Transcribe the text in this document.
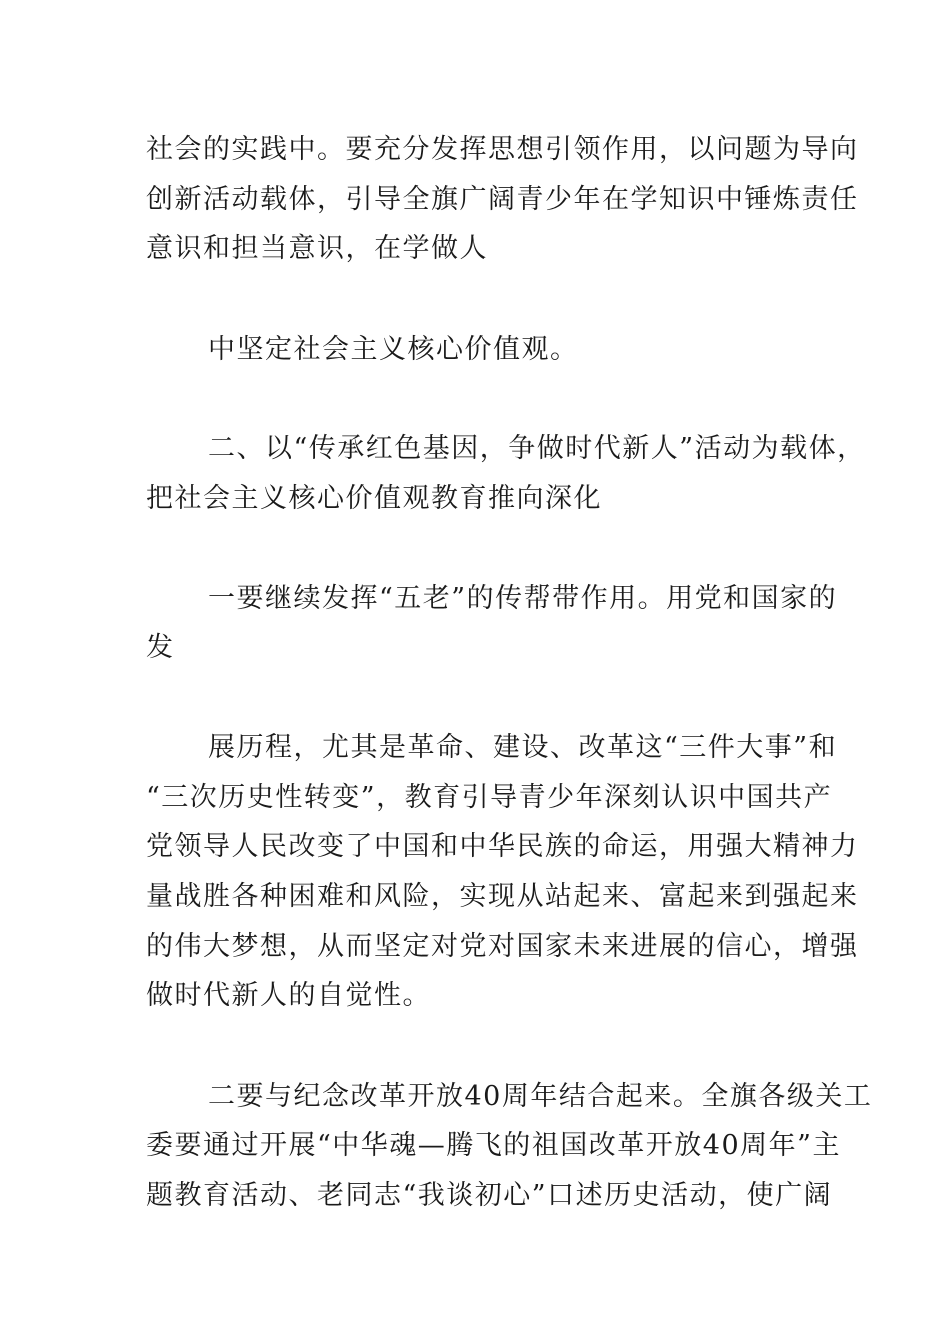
社会的实践中。要充分发挥思想引领作用，以问题为导向

创新活动载体，引导全旗广阔青少年在学知识中锤炼责任

意识和担当意识，在学做人

中坚定社会主义核心价值观。

二、以“传承红色基因，争做时代新人”活动为载体，

把社会主义核心价值观教育推向深化

一要继续发挥“五老”的传帮带作用。用党和国家的

发

展历程，尤其是革命、建设、改革这“三件大事”和

“三次历史性转变”，教育引导青少年深刻认识中国共产

党领导人民改变了中国和中华民族的命运，用强大精神力

量战胜各种困难和风险，实现从站起来、富起来到强起来

的伟大梦想，从而坚定对党对国家未来进展的信心，增强

做时代新人的自觉性。

二要与纪念改革开放40周年结合起来。全旗各级关工

委要通过开展“中华魂—腾飞的祖国改革开放40周年”主

题教育活动、老同志“我谈初心”口述历史活动，使广阔
